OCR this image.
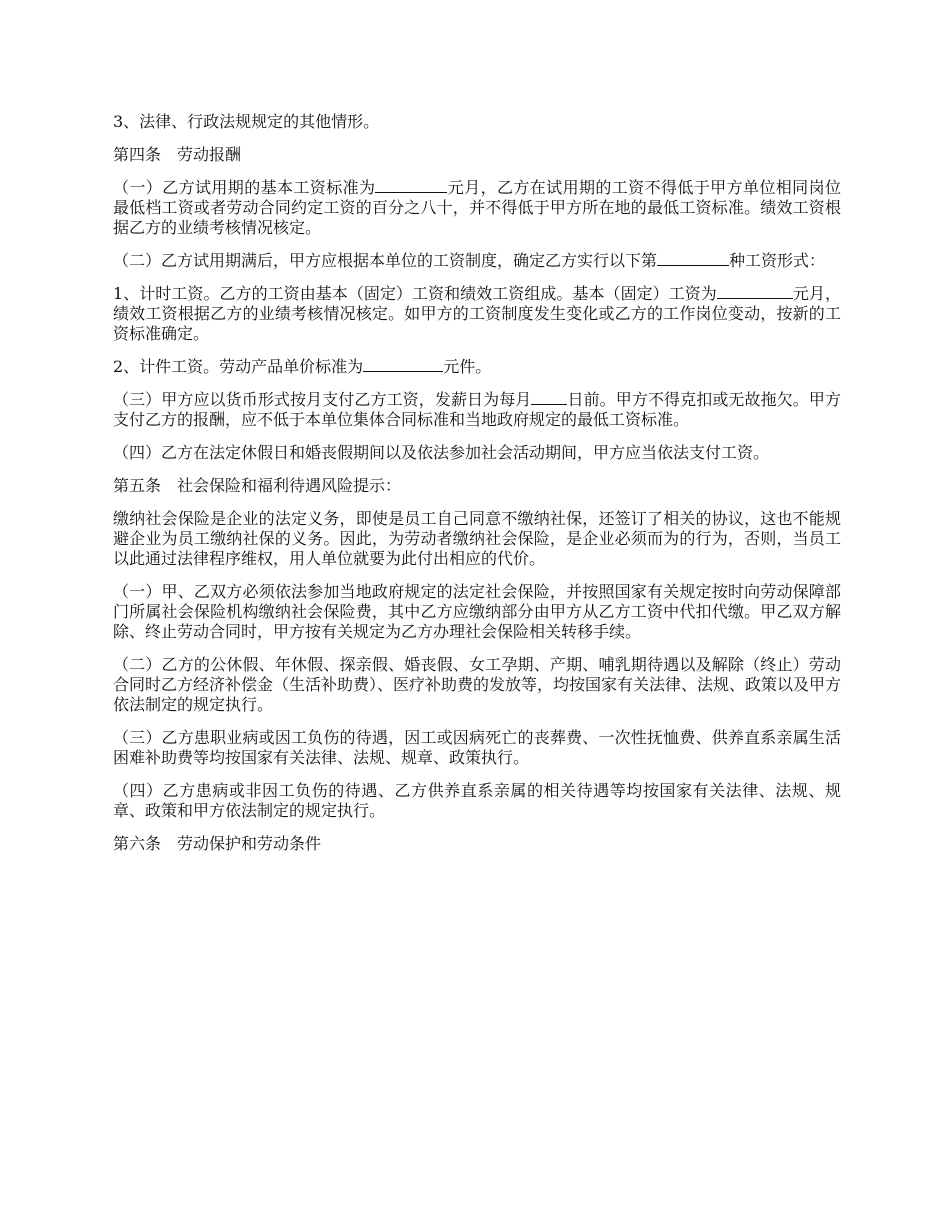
3、法律、行政法规规定的其他情形。

第四条　劳动报酬

（一）乙方试用期的基本工资标准为	元月，乙方在试用期的工资不得低于甲方单位相同岗位最低档工资或者劳动合同约定工资的百分之八十，并不得低于甲方所在地的最低工资标准。绩效工资根据乙方的业绩考核情况核定。

（二）乙方试用期满后，甲方应根据本单位的工资制度，确定乙方实行以下第	种工资形式：

1、计时工资。乙方的工资由基本（固定）工资和绩效工资组成。基本（固定）工资为	元月，绩效工资根据乙方的业绩考核情况核定。如甲方的工资制度发生变化或乙方的工作岗位变动，按新的工资标准确定。

2、计件工资。劳动产品单价标准为	元件。

（三）甲方应以货币形式按月支付乙方工资，发薪日为每月 日前。甲方不得克扣或无故拖欠。甲方支付乙方的报酬，应不低于本单位集体合同标准和当地政府规定的最低工资标准。

（四）乙方在法定休假日和婚丧假期间以及依法参加社会活动期间，甲方应当依法支付工资。

第五条　社会保险和福利待遇风险提示：

缴纳社会保险是企业的法定义务，即使是员工自己同意不缴纳社保，还签订了相关的协议，这也不能规避企业为员工缴纳社保的义务。因此，为劳动者缴纳社会保险，是企业必须而为的行为，否则，当员工以此通过法律程序维权，用人单位就要为此付出相应的代价。

（一）甲、乙双方必须依法参加当地政府规定的法定社会保险，并按照国家有关规定按时向劳动保障部门所属社会保险机构缴纳社会保险费，其中乙方应缴纳部分由甲方从乙方工资中代扣代缴。甲乙双方解除、终止劳动合同时，甲方按有关规定为乙方办理社会保险相关转移手续。

（二）乙方的公休假、年休假、探亲假、婚丧假、女工孕期、产期、哺乳期待遇以及解除（终止）劳动合同时乙方经济补偿金（生活补助费）、医疗补助费的发放等，均按国家有关法律、法规、政策以及甲方依法制定的规定执行。

（三）乙方患职业病或因工负伤的待遇，因工或因病死亡的丧葬费、一次性抚恤费、供养直系亲属生活困难补助费等均按国家有关法律、法规、规章、政策执行。

（四）乙方患病或非因工负伤的待遇、乙方供养直系亲属的相关待遇等均按国家有关法律、法规、规章、政策和甲方依法制定的规定执行。

第六条　劳动保护和劳动条件
